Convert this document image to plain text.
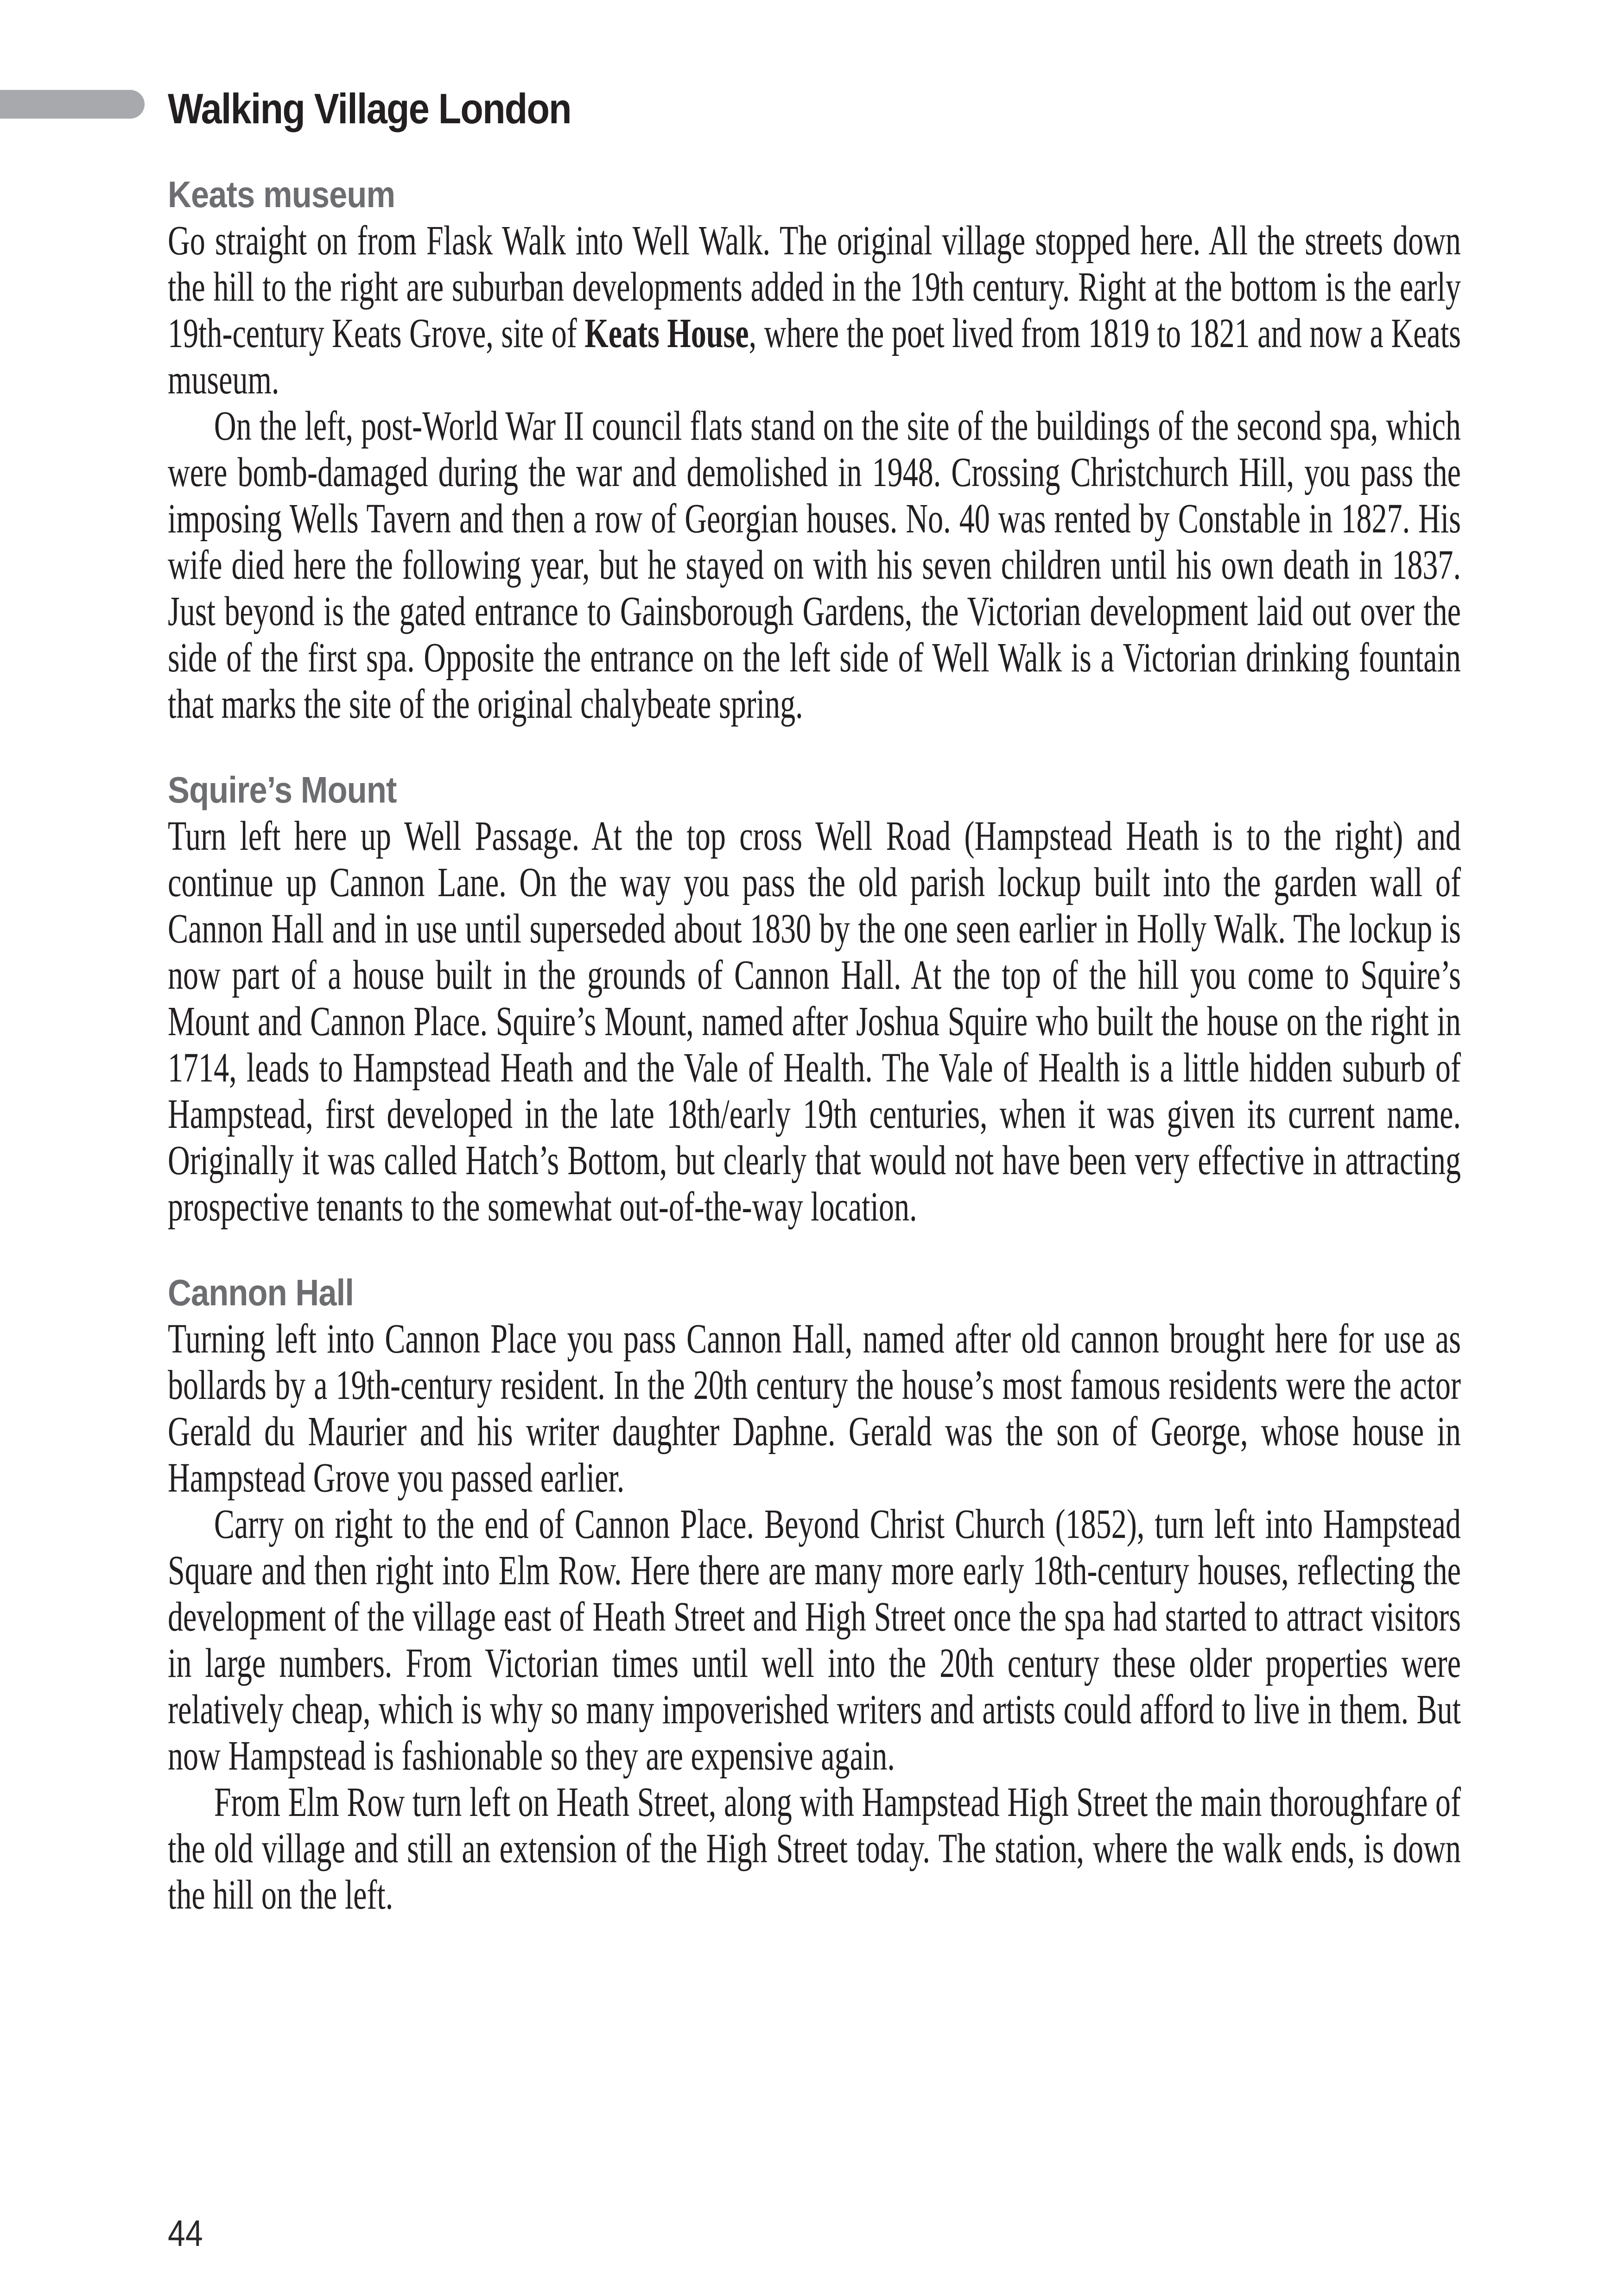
Walking Village London
Keats museum

Go straight on from Flask Walk into Well Walk. The original village stopped here. All the streets down the hill to the right are suburban developments added in the 19th century. Right at the bottom is the early 19th-century Keats Grove, site of Keats House, where the poet lived from 1819 to 1821 and now a Keats museum.

On the left, post-World War II council flats stand on the site of the buildings of the second spa, which were bomb-damaged during the war and demolished in 1948. Crossing Christchurch Hill, you pass the imposing Wells Tavern and then a row of Georgian houses. No. 40 was rented by Constable in 1827. His wife died here the following year, but he stayed on with his seven children until his own death in 1837. Just beyond is the gated entrance to Gainsborough Gardens, the Victorian development laid out over the side of the first spa. Opposite the entrance on the left side of Well Walk is a Victorian drinking fountain that marks the site of the original chalybeate spring.

Squire’s Mount

Turn left here up Well Passage. At the top cross Well Road (Hampstead Heath is to the right) and continue up Cannon Lane. On the way you pass the old parish lockup built into the garden wall of Cannon Hall and in use until superseded about 1830 by the one seen earlier in Holly Walk. The lockup is now part of a house built in the grounds of Cannon Hall. At the top of the hill you come to Squire’s Mount and Cannon Place. Squire’s Mount, named after Joshua Squire who built the house on the right in 1714, leads to Hampstead Heath and the Vale of Health. The Vale of Health is a little hidden suburb of Hampstead, first developed in the late 18th/early 19th centuries, when it was given its current name. Originally it was called Hatch’s Bottom, but clearly that would not have been very effective in attracting prospective tenants to the somewhat out-of-the-way location.

Cannon Hall

Turning left into Cannon Place you pass Cannon Hall, named after old cannon brought here for use as bollards by a 19th-century resident. In the 20th century the house’s most famous residents were the actor Gerald du Maurier and his writer daughter Daphne. Gerald was the son of George, whose house in Hampstead Grove you passed earlier.

Carry on right to the end of Cannon Place. Beyond Christ Church (1852), turn left into Hampstead Square and then right into Elm Row. Here there are many more early 18th-century houses, reflecting the development of the village east of Heath Street and High Street once the spa had started to attract visitors in large numbers. From Victorian times until well into the 20th century these older properties were relatively cheap, which is why so many impoverished writers and artists could afford to live in them. But now Hampstead is fashionable so they are expensive again.

From Elm Row turn left on Heath Street, along with Hampstead High Street the main thoroughfare of the old village and still an extension of the High Street today. The station, where the walk ends, is down the hill on the left.

44
